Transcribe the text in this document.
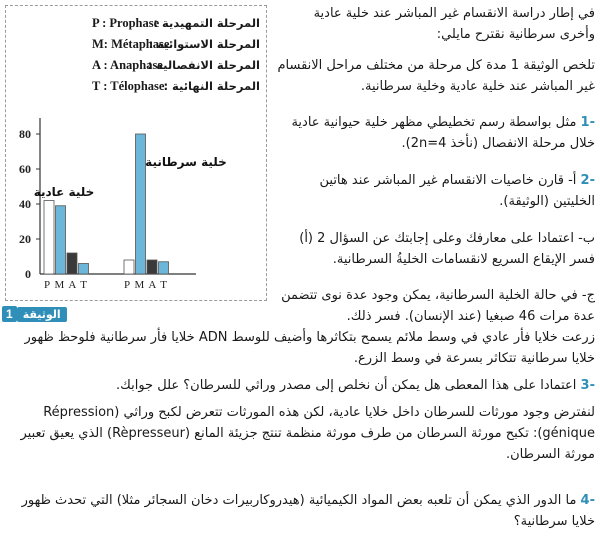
المرحلة التمهيدية :
P : Prophase
المرحلة الاستوائية :
M: Métaphase
المرحلة الانفصالية :
A : Anaphase
المرحلة النهائية :
T : Télophase
80
60
40
20
0
P M A T	P M A T
خلية عادية
خلية سرطانية
1 الوثيقة
في إطار دراسة الانقسام غير المباشر عند خلية عادية وأخرى سرطانية نقترح مايلي:
تلخص الوثيقة 1 مدة كل مرحلة من مختلف مراحل الانقسام غير المباشر عند خلية عادية وخلية سرطانية.
-1 مثل بواسطة رسم تخطيطي مظهر خلية حيوانية عادية خلال مرحلة الانفصال (نأخذ 2n=4).
-2 أ- قارن خاصيات الانقسام غير المباشر عند هاتين الخليتين (الوثيقة).
ب- اعتمادا على معارفك وعلى إجابتك عن السؤال 2 (أ) فسر الإيقاع السريع لانقسامات الخليةُ السرطانية.
ج- في حالة الخلية السرطانية، يمكن وجود عدة نوى تتضمن عدة مرات 46 صبغيا (عند الإنسان). فسر ذلك.
زرعت خلايا فأر عادي في وسط ملائم يسمح بتكاثرها وأضيف للوسط ADN خلايا فأر سرطانية فلوحظ ظهور خلايا سرطانية تتكاثر بسرعة في وسط الزرع.
-3 اعتمادا على هذا المعطى هل يمكن أن نخلص إلى مصدر وراثي للسرطان؟ علل جوابك.
لنفترض وجود مورثات للسرطان داخل خلايا عادية، لكن هذه المورثات تتعرض لكبح وراثي (Répression génique): تكبح مورثة السرطان من طرف مورثة منظمة تنتج جزيئة المانع (Rèpresseur) الذي يعيق تعبير مورثة السرطان.
-4 ما الدور الذي يمكن أن تلعبه بعض المواد الكيميائية (هيدروكاربيرات دخان السجائر مثلا) التي تحدث ظهور خلايا سرطانية؟
